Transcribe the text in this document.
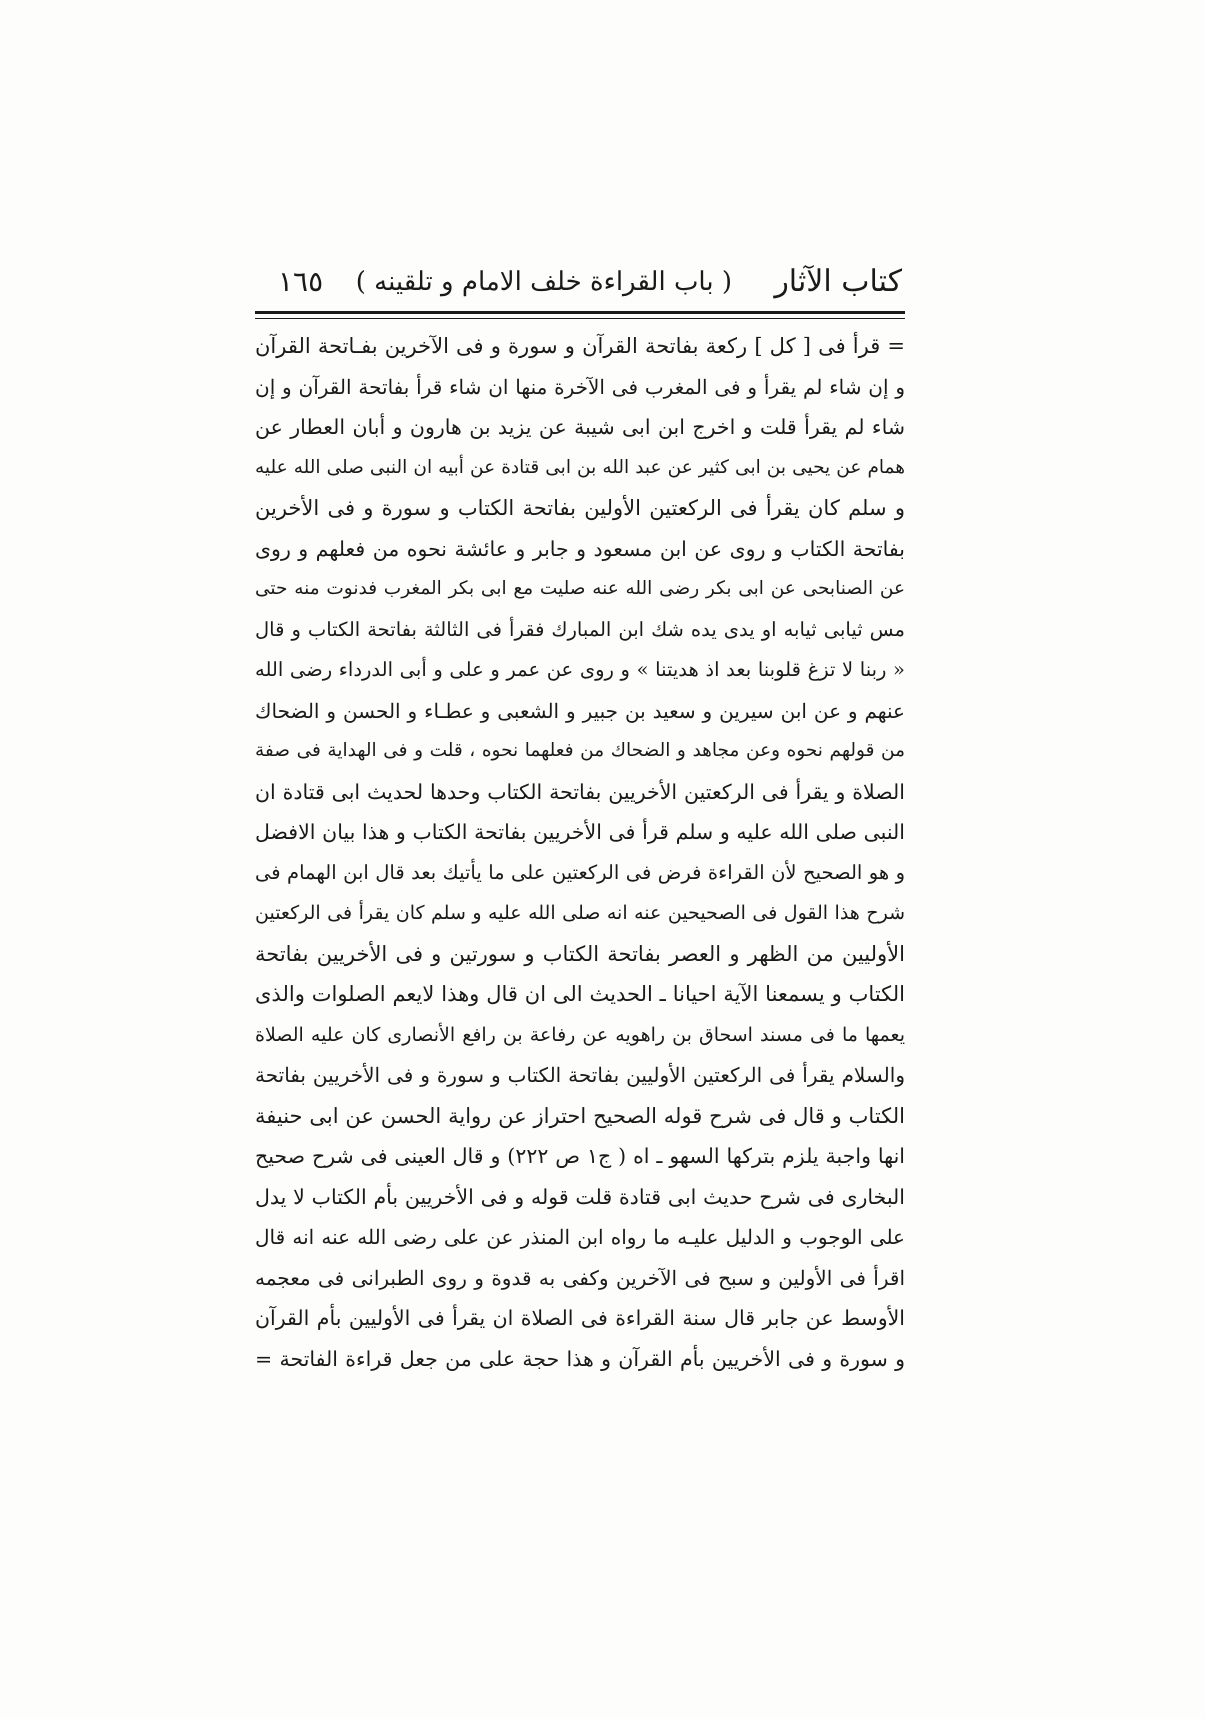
كتاب الآثار
( باب القراءة خلف الامام و تلقينه )
١٦٥
= قرأ فى [ كل ] ركعة بفاتحة القرآن و سورة و فى الآخرين بفـاتحة القرآن
و إن شاء لم يقرأ و فى المغرب فى الآخرة منها ان شاء قرأ بفاتحة القرآن و إن
شاء لم يقرأ قلت و اخرج ابن ابى شيبة عن يزيد بن هارون و أبان العطار عن
همام عن يحيى بن ابى كثير عن عبد الله بن ابى قتادة عن أبيه ان النبى صلى الله عليه
و سلم كان يقرأ فى الركعتين الأولين بفاتحة الكتاب و سورة و فى الأخرين
بفاتحة الكتاب و روى عن ابن مسعود و جابر و عائشة نحوه من فعلهم و روى
عن الصنابحى عن ابى بكر رضى الله عنه صليت مع ابى بكر المغرب فدنوت منه حتى
مس ثيابى ثيابه او يدى يده شك ابن المبارك فقرأ فى الثالثة بفاتحة الكتاب و قال
« ربنا لا تزغ قلوبنا بعد اذ هديتنا » و روى عن عمر و على و أبى الدرداء رضى الله
عنهم و عن ابن سيرين و سعيد بن جبير و الشعبى و عطـاء و الحسن و الضحاك
من قولهم نحوه وعن مجاهد و الضحاك من فعلهما نحوه ، قلت و فى الهداية فى صفة
الصلاة و يقرأ فى الركعتين الأخريين بفاتحة الكتاب وحدها لحديث ابى قتادة ان
النبى صلى الله عليه و سلم قرأ فى الأخريين بفاتحة الكتاب و هذا بيان الافضل
و هو الصحيح لأن القراءة فرض فى الركعتين على ما يأتيك بعد قال ابن الهمام فى
شرح هذا القول فى الصحيحين عنه انه صلى الله عليه و سلم كان يقرأ فى الركعتين
الأوليين من الظهر و العصر بفاتحة الكتاب و سورتين و فى الأخريين بفاتحة
الكتاب و يسمعنا الآية احيانا ـ الحديث الى ان قال وهذا لايعم الصلوات والذى
يعمها ما فى مسند اسحاق بن راهويه عن رفاعة بن رافع الأنصارى كان عليه الصلاة
والسلام يقرأ فى الركعتين الأوليين بفاتحة الكتاب و سورة و فى الأخريين بفاتحة
الكتاب و قال فى شرح قوله الصحيح احتراز عن رواية الحسن عن ابى حنيفة
انها واجبة يلزم بتركها السهو ـ اه ( ج١ ص ٢٢٢) و قال العينى فى شرح صحيح
البخارى فى شرح حديث ابى قتادة قلت قوله و فى الأخريين بأم الكتاب لا يدل
على الوجوب و الدليل عليـه ما رواه ابن المنذر عن على رضى الله عنه انه قال
اقرأ فى الأولين و سبح فى الآخرين وكفى به قدوة و روى الطبرانى فى معجمه
الأوسط عن جابر قال سنة القراءة فى الصلاة ان يقرأ فى الأوليين بأم القرآن
و سورة و فى الأخريين بأم القرآن و هذا حجة على من جعل قراءة الفاتحة =
